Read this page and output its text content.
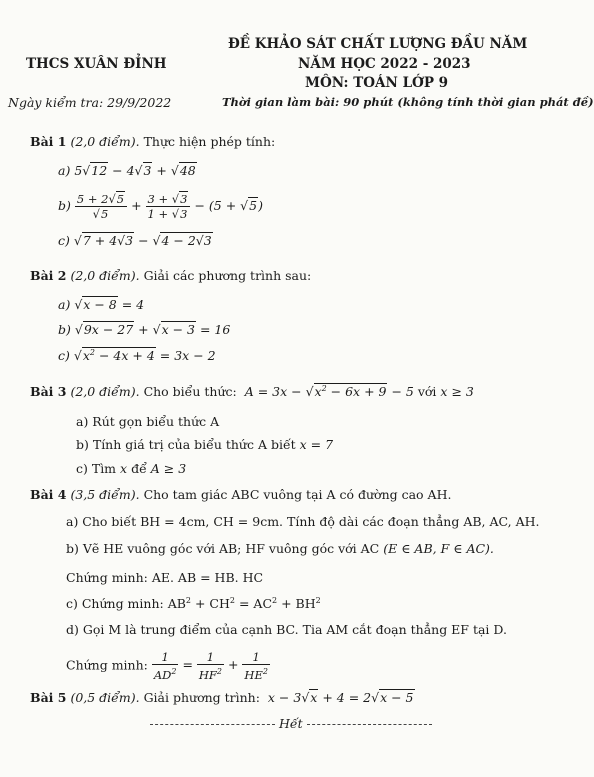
ĐỀ KHẢO SÁT CHẤT LƯỢNG ĐẦU NĂM
THCS XUÂN ĐỈNH	NĂM HỌC 2022 - 2023
MÔN: TOÁN LỚP 9
Ngày kiểm tra: 29/9/2022	Thời gian làm bài: 90 phút (không tính thời gian phát đề)
Bài 1 (2,0 điểm). Thực hiện phép tính:
a) 5√12 − 4√3 + √48
$b) \frac{5 + 2√5}{√5} + \frac{3 + √3}{1 + √3} - (5 + √5)$
c) √7 + 4√3 − √4 − 2√3
Bài 2 (2,0 điểm). Giải các phương trình sau:
a) √x − 8 = 4
b) √9x − 27 + √x − 3 = 16
c) $√x^2 - 4x + 4 = 3x - 2$
Bài 3 (2,0 điểm). Cho biểu thức:  $A = 3x - √x^2 - 6x + 9 - 5$ với x ≥ 3
a) Rút gọn biểu thức A
b) Tính giá trị của biểu thức A biết x = 7
c) Tìm x để A ≥ 3
Bài 4 (3,5 điểm). Cho tam giác ABC vuông tại A có đường cao AH.
a) Cho biết BH = 4cm, CH = 9cm. Tính độ dài các đoạn thẳng AB, AC, AH.
b) Vẽ HE vuông góc với AB; HF vuông góc với AC (E ∈ AB, F ∈ AC).
Chứng minh: AE. AB = HB. HC
c) Chứng minh: $AB^2 + CH^2 = AC^2 + BH^2$
d) Gọi M là trung điểm của cạnh BC. Tia AM cắt đoạn thẳng EF tại D.
Chứng minh: $\frac{1}{AD^2} = \frac{1}{HF^2} + \frac{1}{HE^2}$
Bài 5 (0,5 điểm). Giải phương trình:  x − 3√x + 4 = 2√x − 5
Hết
